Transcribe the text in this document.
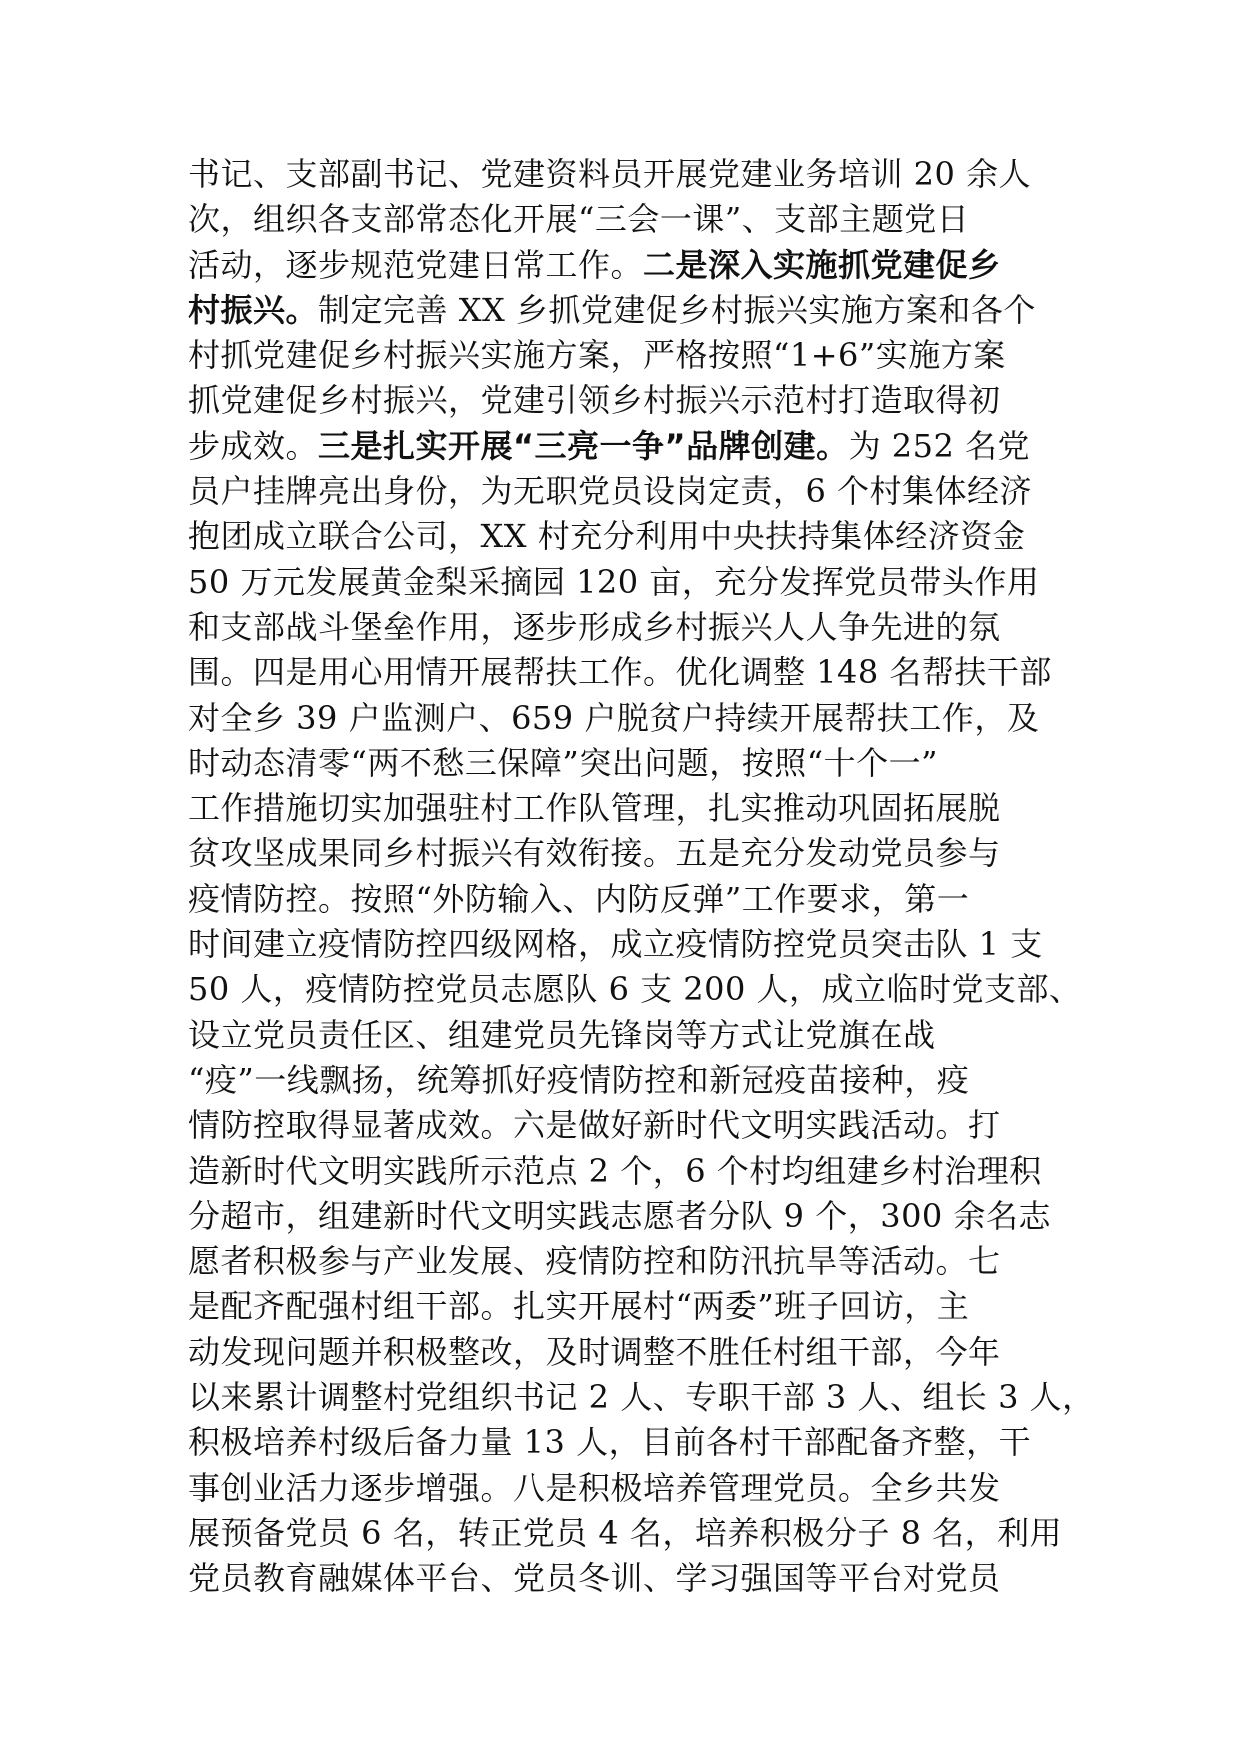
书记、支部副书记、党建资料员开展党建业务培训 20 余人
次，组织各支部常态化开展“三会一课”、支部主题党日
活动，逐步规范党建日常工作。二是深入实施抓党建促乡
村振兴。制定完善 XX 乡抓党建促乡村振兴实施方案和各个
村抓党建促乡村振兴实施方案，严格按照“1+6”实施方案
抓党建促乡村振兴，党建引领乡村振兴示范村打造取得初
步成效。三是扎实开展“三亮一争”品牌创建。为 252 名党
员户挂牌亮出身份，为无职党员设岗定责，6 个村集体经济
抱团成立联合公司，XX 村充分利用中央扶持集体经济资金
50 万元发展黄金梨采摘园 120 亩，充分发挥党员带头作用
和支部战斗堡垒作用，逐步形成乡村振兴人人争先进的氛
围。四是用心用情开展帮扶工作。优化调整 148 名帮扶干部
对全乡 39 户监测户、659 户脱贫户持续开展帮扶工作，及
时动态清零“两不愁三保障”突出问题，按照“十个一”
工作措施切实加强驻村工作队管理，扎实推动巩固拓展脱
贫攻坚成果同乡村振兴有效衔接。五是充分发动党员参与
疫情防控。按照“外防输入、内防反弹”工作要求，第一
时间建立疫情防控四级网格，成立疫情防控党员突击队 1 支
50 人，疫情防控党员志愿队 6 支 200 人，成立临时党支部、
设立党员责任区、组建党员先锋岗等方式让党旗在战
“疫”一线飘扬，统筹抓好疫情防控和新冠疫苗接种，疫
情防控取得显著成效。六是做好新时代文明实践活动。打
造新时代文明实践所示范点 2 个，6 个村均组建乡村治理积
分超市，组建新时代文明实践志愿者分队 9 个，300 余名志
愿者积极参与产业发展、疫情防控和防汛抗旱等活动。七
是配齐配强村组干部。扎实开展村“两委”班子回访，主
动发现问题并积极整改，及时调整不胜任村组干部，今年
以来累计调整村党组织书记 2 人、专职干部 3 人、组长 3 人，
积极培养村级后备力量 13 人，目前各村干部配备齐整，干
事创业活力逐步增强。八是积极培养管理党员。全乡共发
展预备党员 6 名，转正党员 4 名，培养积极分子 8 名，利用
党员教育融媒体平台、党员冬训、学习强国等平台对党员
